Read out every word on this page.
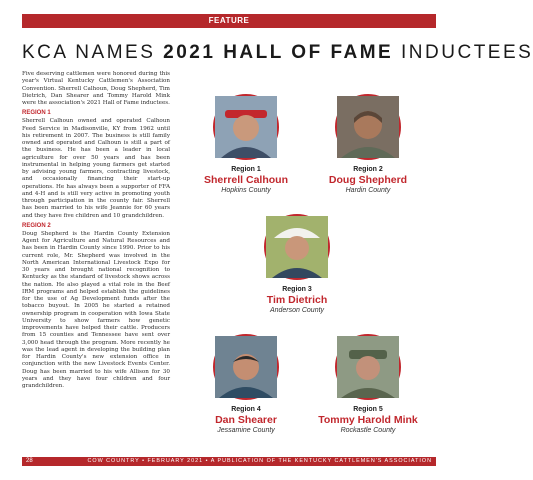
FEATURE
KCA NAMES 2021 HALL OF FAME INDUCTEES

Five deserving cattlemen were honored during this year's Virtual Kentucky Cattlemen's Association Convention. Sherrell Calhoun, Doug Shepherd, Tim Dietrich, Dan Shearer and Tommy Harold Mink were the association's 2021 Hall of Fame inductees.

REGION 1

Sherrell Calhoun owned and operated Calhoun Feed Service in Madisonville, KY from 1962 until his retirement in 2007. The business is still family owned and operated and Calhoun is still a part of the business. He has been a leader in local agriculture for over 50 years and has been instrumental in helping young farmers get started by advising young farmers, contracting livestock, and occasionally financing their start-up operations. He has always been a supporter of FFA and 4-H and is still very active in promoting youth through participation in the county fair. Sherrell has been married to his wife Jeannie for 60 years and they have five children and 10 grandchildren.

REGION 2

Doug Shepherd is the Hardin County Extension Agent for Agriculture and Natural Resources and has been in Hardin County since 1990. Prior to his current role, Mr. Shepherd was involved in the North American International Livestock Expo for 30 years and brought national recognition to Kentucky as the standard of livestock shows across the nation. He also played a vital role in the Beef IRM programs and helped establish the guidelines for the use of Ag Development funds after the tobacco buyout. In 2005 he started a retained ownership program in cooperation with Iowa State University to show farmers how genetic improvements have helped their cattle. Producers from 15 counties and Tennessee have sent over 3,000 head through the program. More recently he was the lead agent in developing the building plan for Hardin County's new extension office in conjunction with the new Livestock Events Center. Doug has been married to his wife Allison for 30 years and they have four children and four grandchildren.

Region 1
Sherrell Calhoun
Hopkins County
Region 2
Doug Shepherd
Hardin County
Region 3
Tim Dietrich
Anderson County
Region 4
Dan Shearer
Jessamine County
Region 5
Tommy Harold Mink
Rockastle County
28	COW COUNTRY • FEBRUARY 2021 • A PUBLICATION OF THE KENTUCKY CATTLEMEN'S ASSOCIATION
